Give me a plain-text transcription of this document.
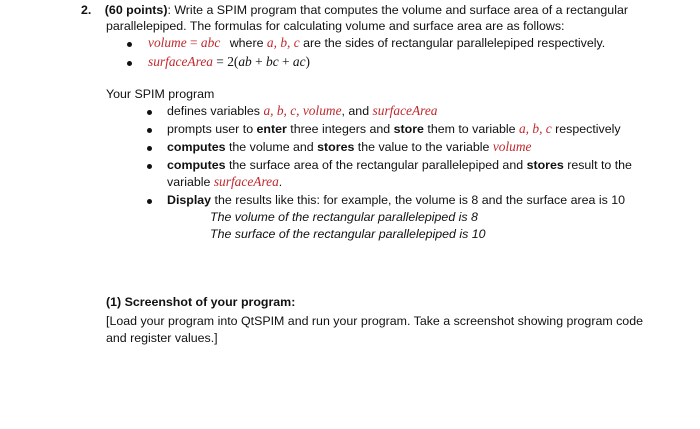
2. (60 points): Write a SPIM program that computes the volume and surface area of a rectangular
parallelepiped. The formulas for calculating volume and surface area are as follows:
volume = abc where a, b, c are the sides of rectangular parallelepiped respectively.
surfaceArea = 2(ab + bc + ac)
Your SPIM program
defines variables a, b, c, volume, and surfaceArea
prompts user to enter three integers and store them to variable a, b, c respectively
computes the volume and stores the value to the variable volume
computes the surface area of the rectangular parallelepiped and stores result to the
variable surfaceArea.
Display the results like this: for example, the volume is 8 and the surface area is 10
The volume of the rectangular parallelepiped is 8
The surface of the rectangular parallelepiped is 10
(1) Screenshot of your program:
[Load your program into QtSPIM and run your program. Take a screenshot showing program code
and register values.]
